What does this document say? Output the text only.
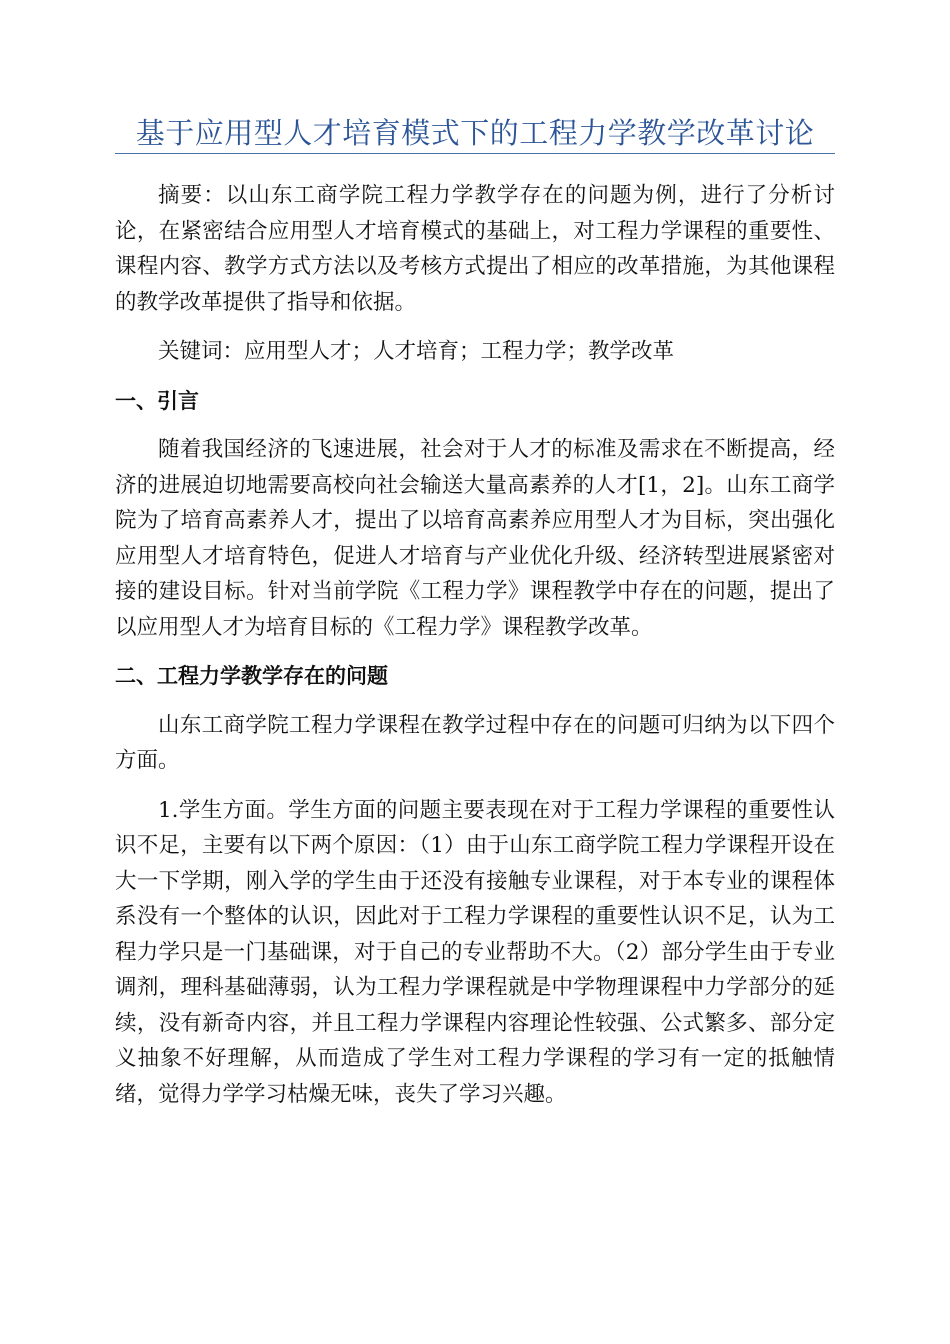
基于应用型人才培育模式下的工程力学教学改革讨论

摘要：以山东工商学院工程力学教学存在的问题为例，进行了分析讨论，在紧密结合应用型人才培育模式的基础上，对工程力学课程的重要性、课程内容、教学方式方法以及考核方式提出了相应的改革措施，为其他课程的教学改革提供了指导和依据。

关键词：应用型人才；人才培育；工程力学；教学改革

一、引言

随着我国经济的飞速进展，社会对于人才的标准及需求在不断提高，经济的进展迫切地需要高校向社会输送大量高素养的人才[1，2]。山东工商学院为了培育高素养人才，提出了以培育高素养应用型人才为目标，突出强化应用型人才培育特色，促进人才培育与产业优化升级、经济转型进展紧密对接的建设目标。针对当前学院《工程力学》课程教学中存在的问题，提出了以应用型人才为培育目标的《工程力学》课程教学改革。

二、工程力学教学存在的问题

山东工商学院工程力学课程在教学过程中存在的问题可归纳为以下四个方面。

1.学生方面。学生方面的问题主要表现在对于工程力学课程的重要性认识不足，主要有以下两个原因：（1）由于山东工商学院工程力学课程开设在大一下学期，刚入学的学生由于还没有接触专业课程，对于本专业的课程体系没有一个整体的认识，因此对于工程力学课程的重要性认识不足，认为工程力学只是一门基础课，对于自己的专业帮助不大。（2）部分学生由于专业调剂，理科基础薄弱，认为工程力学课程就是中学物理课程中力学部分的延续，没有新奇内容，并且工程力学课程内容理论性较强、公式繁多、部分定义抽象不好理解，从而造成了学生对工程力学课程的学习有一定的抵触情绪，觉得力学学习枯燥无味，丧失了学习兴趣。
